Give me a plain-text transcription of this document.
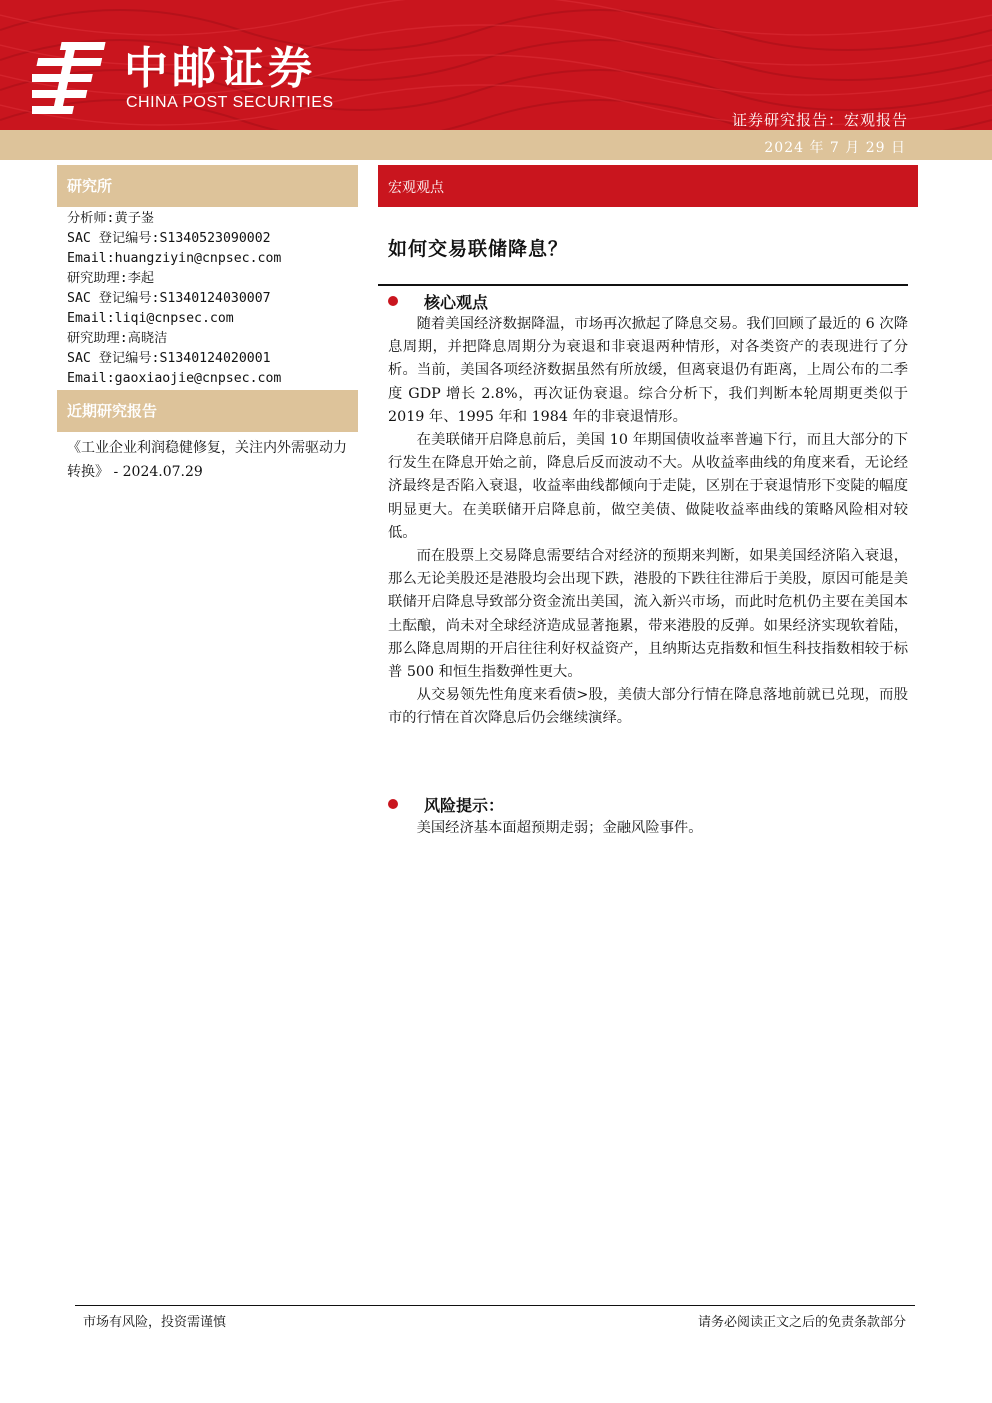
中邮证券
CHINA POST SECURITIES
证券研究报告：宏观报告
2024 年 7 月 29 日
研究所
分析师:黄子崟
SAC 登记编号:S1340523090002
Email:huangziyin@cnpsec.com
研究助理:李起
SAC 登记编号:S1340124030007
Email:liqi@cnpsec.com
研究助理:高晓洁
SAC 登记编号:S1340124020001
Email:gaoxiaojie@cnpsec.com
近期研究报告
《工业企业利润稳健修复，关注内外需驱动力转换》 - 2024.07.29
宏观观点
如何交易联储降息？
核心观点

随着美国经济数据降温，市场再次掀起了降息交易。我们回顾了最近的 6 次降息周期，并把降息周期分为衰退和非衰退两种情形，对各类资产的表现进行了分析。当前，美国各项经济数据虽然有所放缓，但离衰退仍有距离，上周公布的二季度 GDP 增长 2.8%，再次证伪衰退。综合分析下，我们判断本轮周期更类似于 2019 年、1995 年和 1984 年的非衰退情形。

在美联储开启降息前后，美国 10 年期国债收益率普遍下行，而且大部分的下行发生在降息开始之前，降息后反而波动不大。从收益率曲线的角度来看，无论经济最终是否陷入衰退，收益率曲线都倾向于走陡，区别在于衰退情形下变陡的幅度明显更大。在美联储开启降息前，做空美债、做陡收益率曲线的策略风险相对较低。

而在股票上交易降息需要结合对经济的预期来判断，如果美国经济陷入衰退，那么无论美股还是港股均会出现下跌，港股的下跌往往滞后于美股，原因可能是美联储开启降息导致部分资金流出美国，流入新兴市场，而此时危机仍主要在美国本土酝酿，尚未对全球经济造成显著拖累，带来港股的反弹。如果经济实现软着陆，那么降息周期的开启往往利好权益资产，且纳斯达克指数和恒生科技指数相较于标普 500 和恒生指数弹性更大。

从交易领先性角度来看债>股，美债大部分行情在降息落地前就已兑现，而股市的行情在首次降息后仍会继续演绎。

风险提示：
美国经济基本面超预期走弱；金融风险事件。
市场有风险，投资需谨慎	请务必阅读正文之后的免责条款部分
